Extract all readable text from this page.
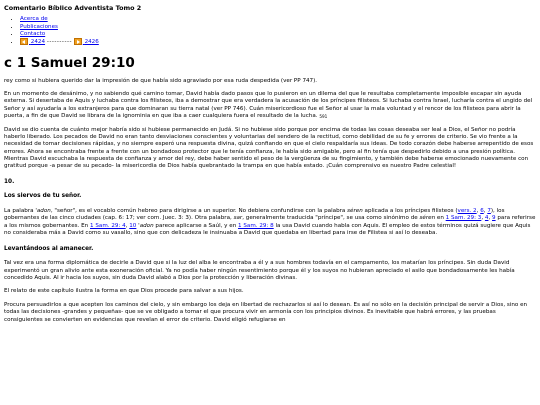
Comentario Bíblico Adventista Tomo 2
• Acerca de
• Publicaciones
• Contacto
•  2424 ---------- 2426
c 1 Samuel 29:10

rey como si hubiera querido dar la impresión de que había sido agraviado por esa ruda despedida (ver PP 747).

En un momento de desánimo, y no sabiendo qué camino tomar, David había dado pasos que lo pusieron en un dilema del que le resultaba completamente imposible escapar sin ayuda externa. Si desertaba de Aquis y luchaba contra los filisteos, iba a demostrar que era verdadera la acusación de los príncipes filisteos. Si luchaba contra Israel, lucharía contra el ungido del Señor y así ayudaría a los extranjeros para que dominaran su tierra natal (ver PP 746). Cuán misericordioso fue el Señor al usar la mala voluntad y el rencor de los filisteos para abrir la puerta, a fin de que David se librara de la ignominia en que iba a caer cualquiera fuera el resultado de la lucha. $_{591}$

David se dio cuenta de cuánto mejor habría sido si hubiese permanecido en Judá. Si no hubiese sido porque por encima de todas las cosas deseaba ser leal a Dios, el Señor no podría haberlo liberado. Los pecados de David no eran tanto desviaciones conscientes y voluntarias del sendero de la rectitud, como debilidad de su fe y errores de criterio. Se vio frente a la necesidad de tomar decisiones rápidas, y no siempre esperó una respuesta divina, quizá confiando en que el cielo respaldaría sus ideas. De todo corazón debe haberse arrepentido de esos errores. Ahora se encontraba frente a frente con un bondadoso protector que le tenía confianza, le había sido amigable, pero al fin tenía que despedirlo debido a una presión política. Mientras David escuchaba la respuesta de confianza y amor del rey, debe haber sentido el peso de la vergüenza de su fingimiento, y también debe haberse emocionado nuevamente con gratitud porque -a pesar de su pecado- la misericordia de Dios había quebrantado la trampa en que había estado. ¡Cuán comprensivo es nuestro Padre celestial!

10.
Los siervos de tu señor.

La palabra 'adon, "señor", es el vocablo común hebreo para dirigirse a un superior. No debiera confundirse con la palabra séren aplicada a los príncipes filisteos (vers. 2, 6, 7), los gobernantes de las cinco ciudades (cap. 6: 17; ver com. Juec. 3: 3). Otra palabra, sar, generalmente traducida "príncipe", se usa como sinónimo de séren en 1 Sam. 29: 3, 4, 9 para referirse a los mismos gobernantes. En 1 Sam. 29: 4, 10 'adon parece aplicarse a Saúl, y en 1 Sam. 29: 8 la usa David cuando habla con Aquis. El empleo de estos términos quizá sugiere que Aquis no consideraba más a David como su vasallo, sino que con delicadeza le insinuaba a David que quedaba en libertad para irse de Filistea si así lo deseaba.

Levantándoos al amanecer.

Tal vez era una forma diplomática de decirle a David que si la luz del alba le encontraba a él y a sus hombres todavía en el campamento, los matarían los príncipes. Sin duda David experimentó un gran alivio ante esta exoneración oficial. Ya no podía haber ningún resentimiento porque él y los suyos no hubieran apreciado el asilo que bondadosamente les había concedido Aquis. Al ir hacia los suyos, sin duda David alabó a Dios por la protección y liberación divinas.

El relato de este capítulo ilustra la forma en que Dios procede para salvar a sus hijos.

Procura persuadirlos a que acepten los caminos del cielo, y sin embargo los deja en libertad de rechazarlos si así lo desean. Es así no sólo en la decisión principal de servir a Dios, sino en todas las decisiones -grandes y pequeñas- que se ve obligado a tomar el que procura vivir en armonía con los principios divinos. Es inevitable que habrá errores, y las pruebas consiguientes se convierten en evidencias que revelan el error de criterio. David eligió refugiarse en
